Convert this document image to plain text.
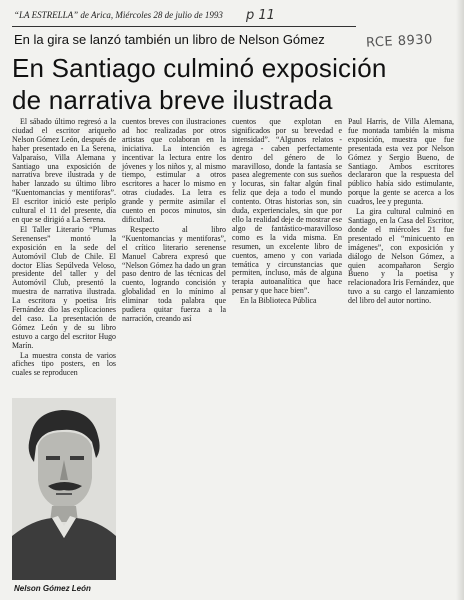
“LA ESTRELLA” de Arica, Miércoles 28 de julio de 1993 p 11
RCE 8930
En la gira se lanzó también un libro de Nelson Gómez
En Santiago culminó exposición
de narrativa breve ilustrada

El sábado último regresó a la ciudad el escritor ariqueño Nelson Gómez León, después de haber presentado en La Serena, Valparaíso, Villa Alemana y Santiago una exposición de narrativa breve ilustrada y de haber lanzado su último libro “Kuentomancias y mentiforas”. El escritor inició este periplo cultural el 11 del presente, día en que se dirigió a La Serena.

El Taller Literario “Plumas Serenenses” montó la exposición en la sede del Automóvil Club de Chile. El doctor Elías Sepúlveda Veloso, presidente del taller y del Automóvil Club, presentó la muestra de narrativa ilustrada. La escritora y poetisa Iris Fernández dio las explicaciones del caso. La presentación de Gómez León y de su libro estuvo a cargo del escritor Hugo Marín.

La muestra consta de varios afiches tipo posters, en los cuales se reproducen

cuentos breves con ilustraciones ad hoc realizadas por otros artistas que colaboran en la iniciativa. La intención es incentivar la lectura entre los jóvenes y los niños y, al mismo tiempo, estimular a otros escritores a hacer lo mismo en otras ciudades. La letra es grande y permite asimilar el cuento en pocos minutos, sin dificultad.

Respecto al libro “Kuentomancias y mentiforas”, el crítico literario serenense Manuel Cabrera expresó que “Nelson Gómez ha dado un gran paso dentro de las técnicas del cuento, logrando concisión y globalidad en lo mínimo al eliminar toda palabra que pudiera quitar fuerza a la narración, creando así

cuentos que explotan en significados por su brevedad e intensidad”. “Algunos relatos - agrega - caben perfectamente dentro del género de lo maravilloso, donde la fantasía se pasea alegremente con sus sueños y locuras, sin faltar algún final feliz que deja a todo el mundo contento. Otras historias son, sin duda, experienciales, sin que por ello la realidad deje de mostrar ese algo de fantástico-maravilloso como es la vida misma. En resumen, un excelente libro de cuentos, ameno y con variada temática y circunstancias que permiten, incluso, más de alguna terapia autoanalítica que hace pensar y que hace bien”.

En la Biblioteca Pública

Paul Harris, de Villa Alemana, fue montada también la misma exposición, muestra que fue presentada esta vez por Nelson Gómez y Sergio Bueno, de Santiago. Ambos escritores declararon que la respuesta del público había sido estimulante, porque la gente se acerca a los cuadros, lee y pregunta.

La gira cultural culminó en Santiago, en la Casa del Escritor, donde el miércoles 21 fue presentado el “minicuento en imágenes”, con exposición y diálogo de Nelson Gómez, a quien acompañaron Sergio Bueno y la poetisa y relacionadora Iris Fernández, que tuvo a su cargo el lanzamiento del libro del autor nortino.

Nelson Gómez León
